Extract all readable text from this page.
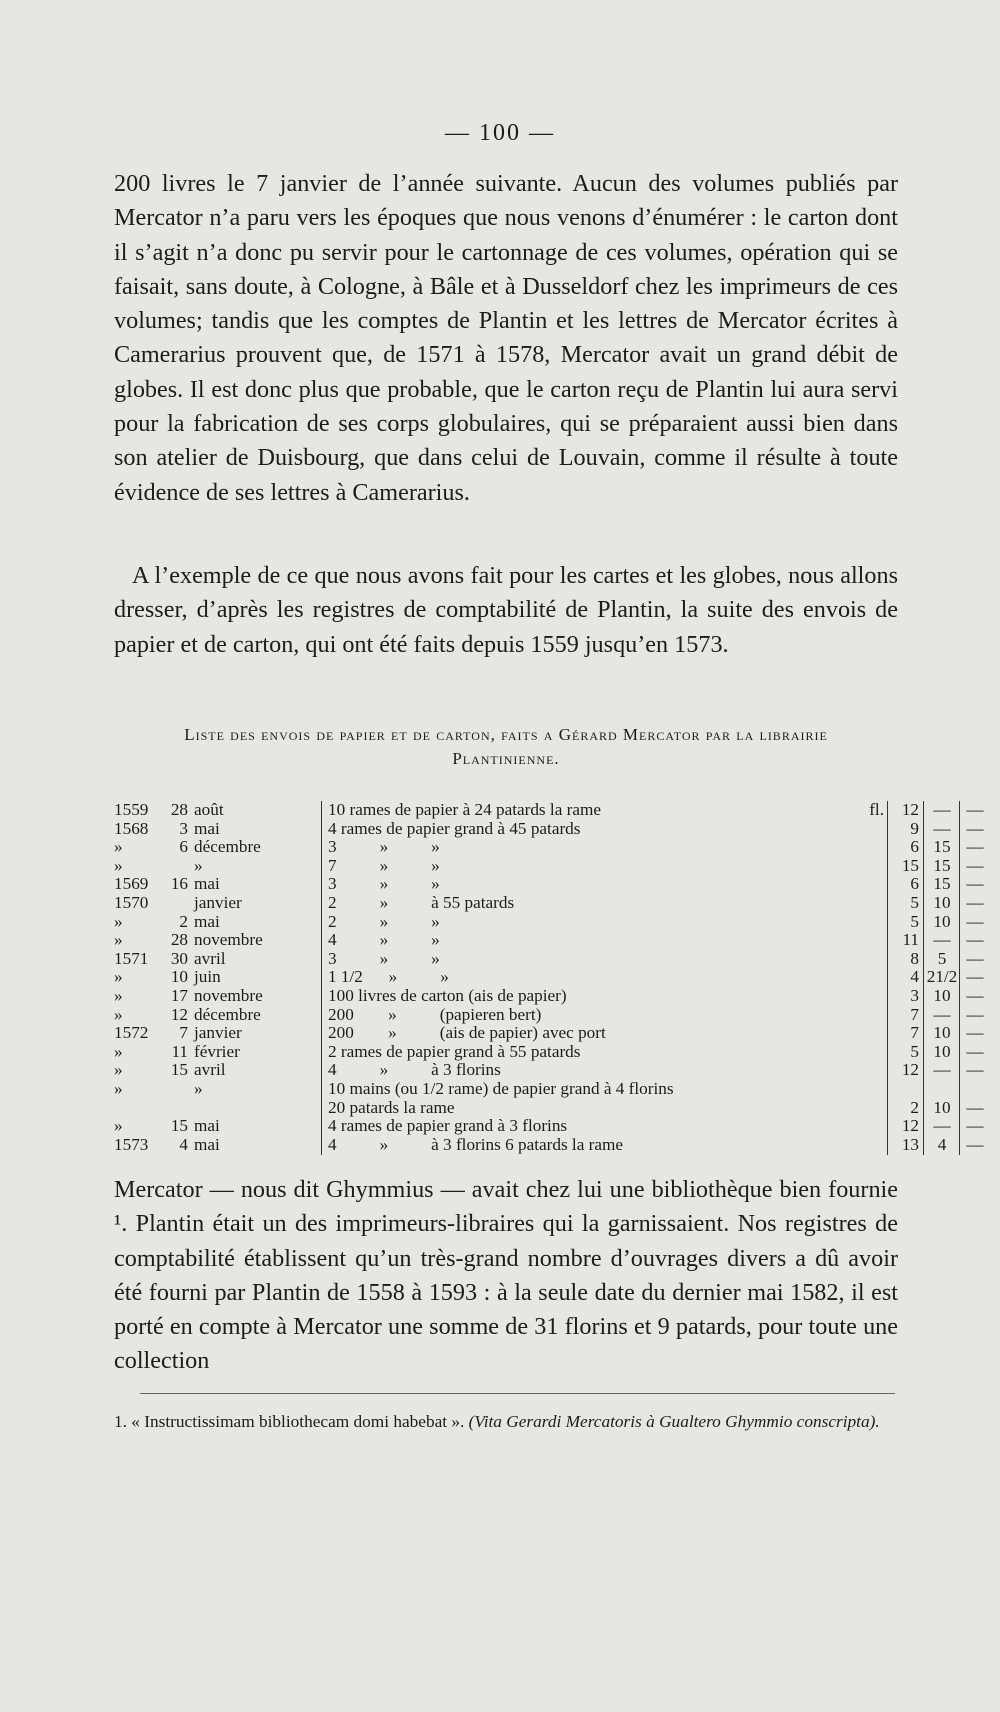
— 100 —

200 livres le 7 janvier de l’année suivante. Aucun des volumes publiés par Mercator n’a paru vers les époques que nous venons d’énumérer : le carton dont il s’agit n’a donc pu servir pour le cartonnage de ces volumes, opération qui se faisait, sans doute, à Cologne, à Bâle et à Dusseldorf chez les imprimeurs de ces volumes; tandis que les comptes de Plantin et les lettres de Mercator écrites à Camerarius prouvent que, de 1571 à 1578, Mercator avait un grand débit de globes. Il est donc plus que probable, que le carton reçu de Plantin lui aura servi pour la fabrication de ses corps globulaires, qui se préparaient aussi bien dans son atelier de Duisbourg, que dans celui de Louvain, comme il résulte à toute évidence de ses lettres à Camerarius.

A l’exemple de ce que nous avons fait pour les cartes et les globes, nous allons dresser, d’après les registres de comptabilité de Plantin, la suite des envois de papier et de carton, qui ont été faits depuis 1559 jusqu’en 1573.

Liste des envois de papier et de carton, faits a Gérard Mercator par la librairie
Plantinienne.
1559	28 août	10 rames de papier à 24 patards la rame	fl.	12 — —
1568	3 mai	4 rames de papier grand à 45 patards	9 — —
»	6 décembre	3          »          »	6 15 —
»	»	7          »          »	15 15 —
1569	16 mai	3          »          »	6 15 —
1570	janvier	2          »          à 55 patards	5 10 —
»	2 mai	2          »          »	5 10 —
»	28 novembre	4          »          »	11 — —
1571	30 avril	3          »          »	8	5	—
»	10 juin	1 1/2      »          »	4 21/2 —
»	17 novembre	100 livres de carton (ais de papier)	3 10 —
»	12 décembre	200        »          (papieren bert)	7 — —
1572	7 janvier	200        »          (ais de papier) avec port	7 10 —
»	11 février	2 rames de papier grand à 55 patards	5 10 —
»	15 avril	4          »          à 3 florins	12 — —
»	»	10 mains (ou 1/2 rame) de papier grand à 4 florins
20 patards la rame	2 10 —
»	15 mai	4 rames de papier grand à 3 florins	12 — —
1573	4 mai	4          »          à 3 florins 6 patards la rame	13	4	—

Mercator — nous dit Ghymmius — avait chez lui une bibliothèque bien fournie ¹. Plantin était un des imprimeurs-libraires qui la garnissaient. Nos registres de comptabilité établissent qu’un très-grand nombre d’ouvrages divers a dû avoir été fourni par Plantin de 1558 à 1593 : à la seule date du dernier mai 1582, il est porté en compte à Mercator une somme de 31 florins et 9 patards, pour toute une collection

1. « Instructissimam bibliothecam domi habebat ». (Vita Gerardi Mercatoris à Gualtero Ghymmio conscripta).
